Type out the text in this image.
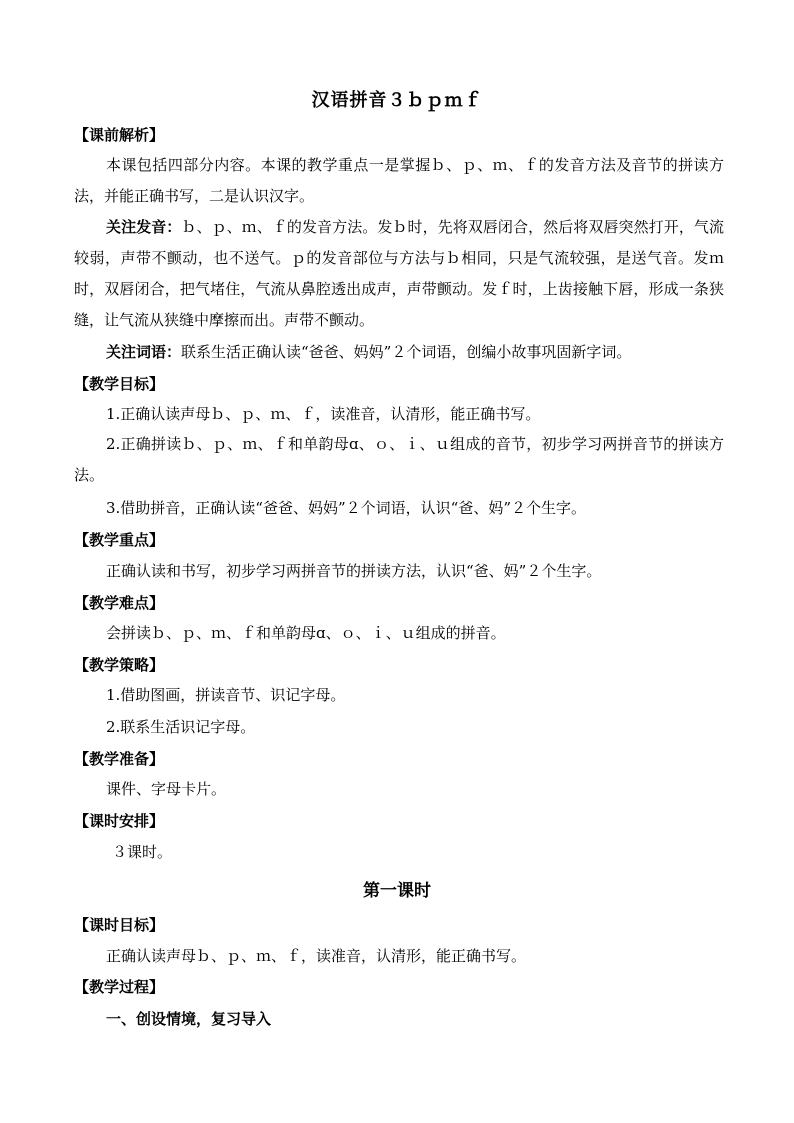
汉语拼音３ｂｐｍｆ
【课前解析】
本课包括四部分内容。本课的教学重点一是掌握ｂ、ｐ、ｍ、ｆ的发音方法及音节的拼读方法，并能正确书写，二是认识汉字。
关注发音：ｂ、ｐ、ｍ、ｆ的发音方法。发ｂ时，先将双唇闭合，然后将双唇突然打开，气流较弱，声带不颤动，也不送气。ｐ的发音部位与方法与ｂ相同，只是气流较强，是送气音。发ｍ时，双唇闭合，把气堵住，气流从鼻腔透出成声，声带颤动。发ｆ时，上齿接触下唇，形成一条狭缝，让气流从狭缝中摩擦而出。声带不颤动。
关注词语：联系生活正确认读“爸爸、妈妈”２个词语，创编小故事巩固新字词。
【教学目标】
1.正确认读声母ｂ、ｐ、ｍ、ｆ，读准音，认清形，能正确书写。
2.正确拼读ｂ、ｐ、ｍ、ｆ和单韵母ɑ、ｏ、ｉ、ｕ组成的音节，初步学习两拼音节的拼读方法。
3.借助拼音，正确认读“爸爸、妈妈”２个词语，认识“爸、妈”２个生字。
【教学重点】
正确认读和书写，初步学习两拼音节的拼读方法，认识“爸、妈”２个生字。
【教学难点】
会拼读ｂ、ｐ、ｍ、ｆ和单韵母ɑ、ｏ、ｉ、ｕ组成的拼音。
【教学策略】
1.借助图画，拼读音节、识记字母。
2.联系生活识记字母。
【教学准备】
课件、字母卡片。
【课时安排】
３课时。
第一课时
【课时目标】
正确认读声母ｂ、ｐ、ｍ、ｆ，读准音，认清形，能正确书写。
【教学过程】
一、创设情境，复习导入
